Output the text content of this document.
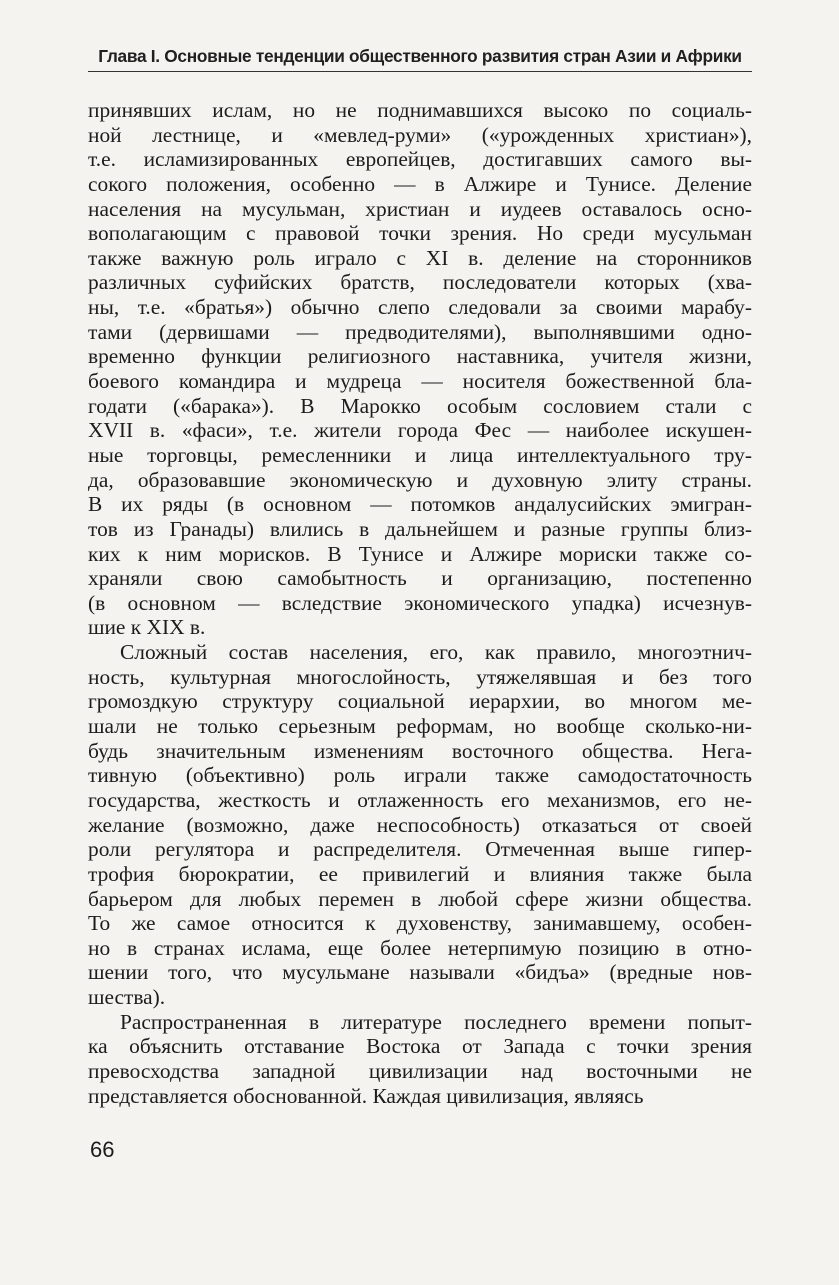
Глава I. Основные тенденции общественного развития стран Азии и Африки
принявших ислам, но не поднимавшихся высоко по социаль-
ной лестнице, и «мевлед-руми» («урожденных христиан»),
т.е. исламизированных европейцев, достигавших самого вы-
сокого положения, особенно — в Алжире и Тунисе. Деление
населения на мусульман, христиан и иудеев оставалось осно-
вополагающим с правовой точки зрения. Но среди мусульман
также важную роль играло с XI в. деление на сторонников
различных суфийских братств, последователи которых (хва-
ны, т.е. «братья») обычно слепо следовали за своими марабу-
тами (дервишами — предводителями), выполнявшими одно-
временно функции религиозного наставника, учителя жизни,
боевого командира и мудреца — носителя божественной бла-
годати («барака»). В Марокко особым сословием стали с
XVII в. «фаси», т.е. жители города Фес — наиболее искушен-
ные торговцы, ремесленники и лица интеллектуального тру-
да, образовавшие экономическую и духовную элиту страны.
В их ряды (в основном — потомков андалусийских эмигран-
тов из Гранады) влились в дальнейшем и разные группы близ-
ких к ним морисков. В Тунисе и Алжире мориски также со-
храняли свою самобытность и организацию, постепенно
(в основном — вследствие экономического упадка) исчезнув-
шие к XIX в.
Сложный состав населения, его, как правило, многоэтнич-
ность, культурная многослойность, утяжелявшая и без того
громоздкую структуру социальной иерархии, во многом ме-
шали не только серьезным реформам, но вообще сколько-ни-
будь значительным изменениям восточного общества. Нега-
тивную (объективно) роль играли также самодостаточность
государства, жесткость и отлаженность его механизмов, его не-
желание (возможно, даже неспособность) отказаться от своей
роли регулятора и распределителя. Отмеченная выше гипер-
трофия бюрократии, ее привилегий и влияния также была
барьером для любых перемен в любой сфере жизни общества.
То же самое относится к духовенству, занимавшему, особен-
но в странах ислама, еще более нетерпимую позицию в отно-
шении того, что мусульмане называли «бидъа» (вредные нов-
шества).
Распространенная в литературе последнего времени попыт-
ка объяснить отставание Востока от Запада с точки зрения
превосходства западной цивилизации над восточными не
представляется обоснованной. Каждая цивилизация, являясь
66
